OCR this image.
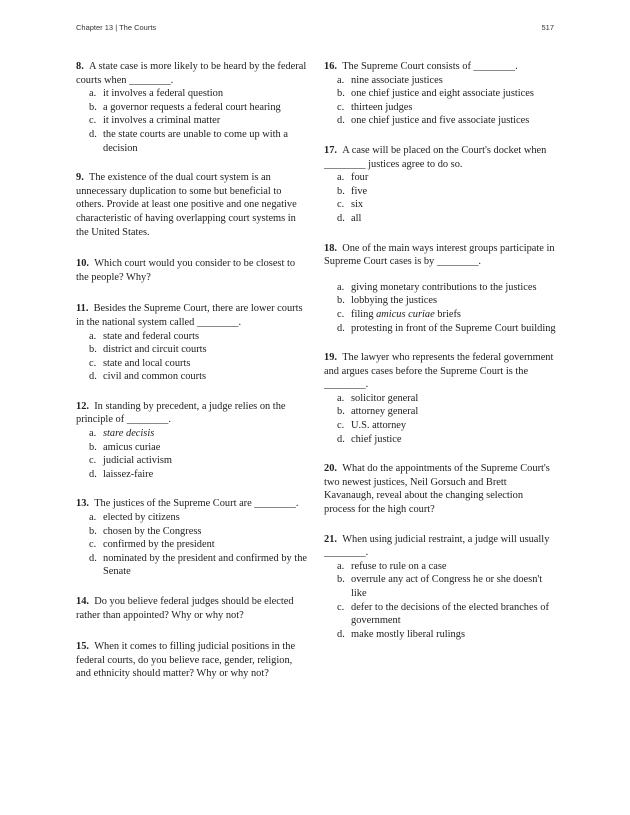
Chapter 13 | The Courts	517

8. A state case is more likely to be heard by the federal courts when ________.

a . it involves a federal question
b . a governor requests a federal court hearing
c . it involves a criminal matter
d . the state courts are unable to come up with a decision

9. The existence of the dual court system is an unnecessary duplication to some but beneficial to others. Provide at least one positive and one negative characteristic of having overlapping court systems in the United States.

10. Which court would you consider to be closest to the people? Why?

11. Besides the Supreme Court, there are lower courts in the national system called ________.

a . state and federal courts
b . district and circuit courts
c . state and local courts
d . civil and common courts

12. In standing by precedent, a judge relies on the principle of ________.

a . stare decisis
b . amicus curiae
c . judicial activism
d . laissez-faire

13. The justices of the Supreme Court are ________.

a . elected by citizens
b . chosen by the Congress
c . confirmed by the president
d . nominated by the president and confirmed by the Senate

14. Do you believe federal judges should be elected rather than appointed? Why or why not?

15. When it comes to filling judicial positions in the federal courts, do you believe race, gender, religion, and ethnicity should matter? Why or why not?

16. The Supreme Court consists of ________.

a . nine associate justices
b . one chief justice and eight associate justices
c . thirteen judges
d . one chief justice and five associate justices

17. A case will be placed on the Court's docket when ________ justices agree to do so.

a . four
b . five
c . six
d . all

18. One of the main ways interest groups participate in Supreme Court cases is by ________.

a . giving monetary contributions to the justices
b . lobbying the justices
c . filing amicus curiae briefs
d . protesting in front of the Supreme Court building

19. The lawyer who represents the federal government and argues cases before the Supreme Court is the ________.

a . solicitor general
b . attorney general
c . U.S. attorney
d . chief justice

20. What do the appointments of the Supreme Court's two newest justices, Neil Gorsuch and Brett Kavanaugh, reveal about the changing selection process for the high court?

21. When using judicial restraint, a judge will usually ________.

a . refuse to rule on a case
b . overrule any act of Congress he or she doesn't like
c . defer to the decisions of the elected branches of government
d . make mostly liberal rulings
